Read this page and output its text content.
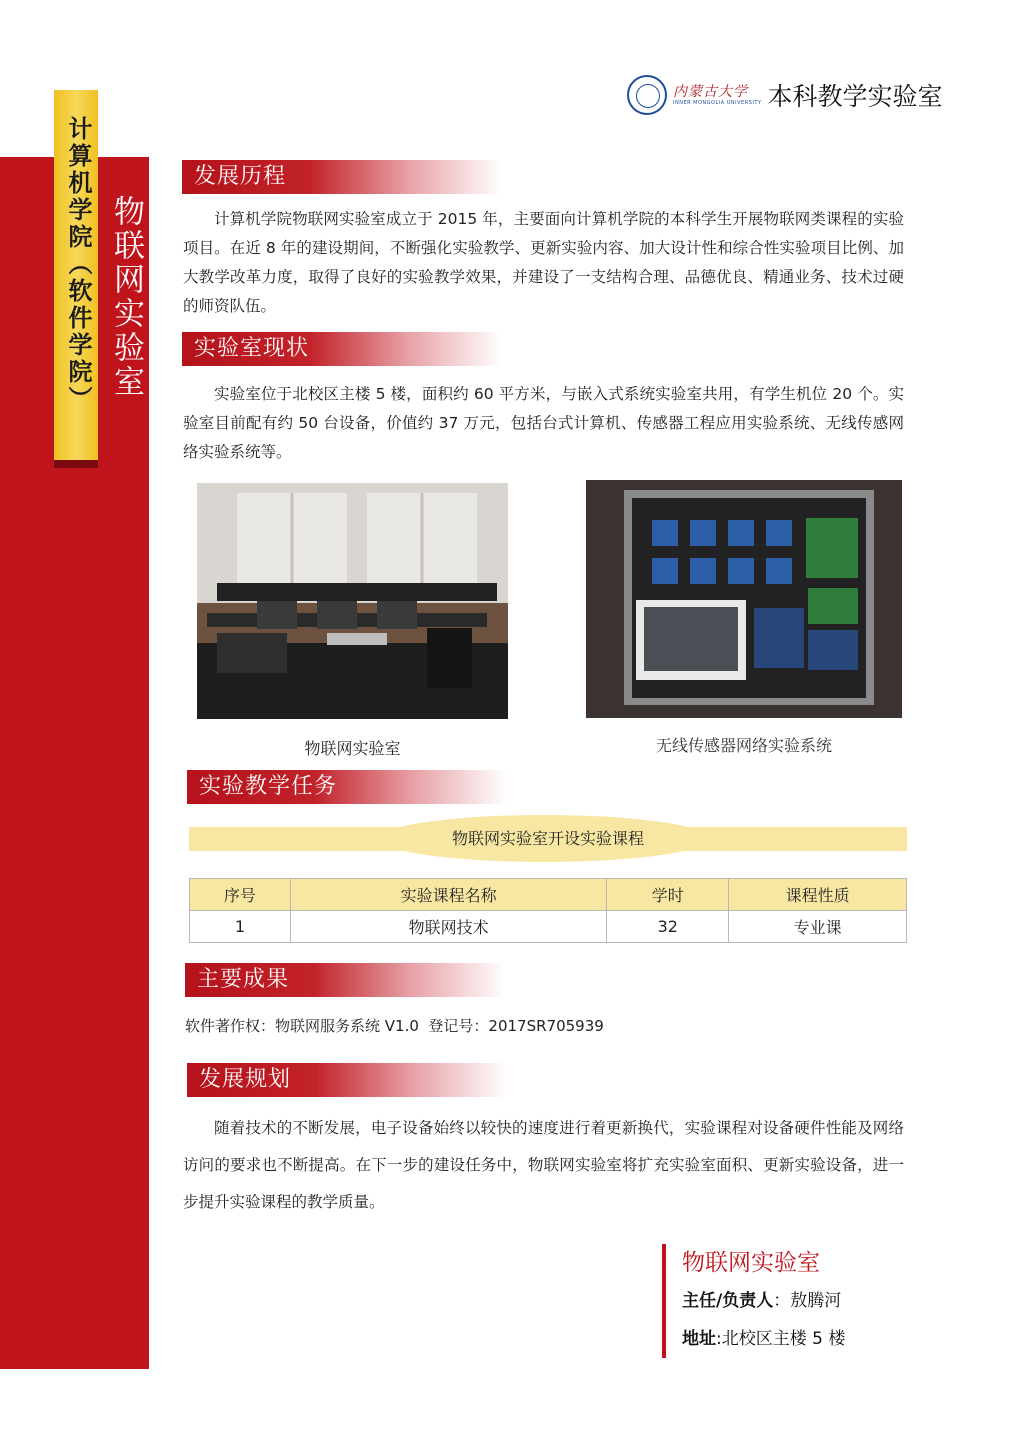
计算机学院（软件学院） 物联网实验室
内蒙古大学
INNER MONGOLIA UNIVERSITY 本科教学实验室
发展历程
计算机学院物联网实验室成立于 2015 年，主要面向计算机学院的本科学生开展物联网类课程的实验项目。在近 8 年的建设期间，不断强化实验教学、更新实验内容、加大设计性和综合性实验项目比例、加大教学改革力度，取得了良好的实验教学效果，并建设了一支结构合理、品德优良、精通业务、技术过硬的师资队伍。
实验室现状
实验室位于北校区主楼 5 楼，面积约 60 平方米，与嵌入式系统实验室共用，有学生机位 20 个。实验室目前配有约 50 台设备，价值约 37 万元，包括台式计算机、传感器工程应用实验系统、无线传感网络实验系统等。
物联网实验室	无线传感器网络实验系统
实验教学任务
物联网实验室开设实验课程
序号	实验课程名称	学时	课程性质
1	物联网技术	32	专业课
主要成果
软件著作权：物联网服务系统 V1.0  登记号：2017SR705939
发展规划
随着技术的不断发展，电子设备始终以较快的速度进行着更新换代，实验课程对设备硬件性能及网络访问的要求也不断提高。在下一步的建设任务中，物联网实验室将扩充实验室面积、更新实验设备，进一步提升实验课程的教学质量。
物联网实验室
主任/负责人：敖腾河
地址:北校区主楼 5 楼
